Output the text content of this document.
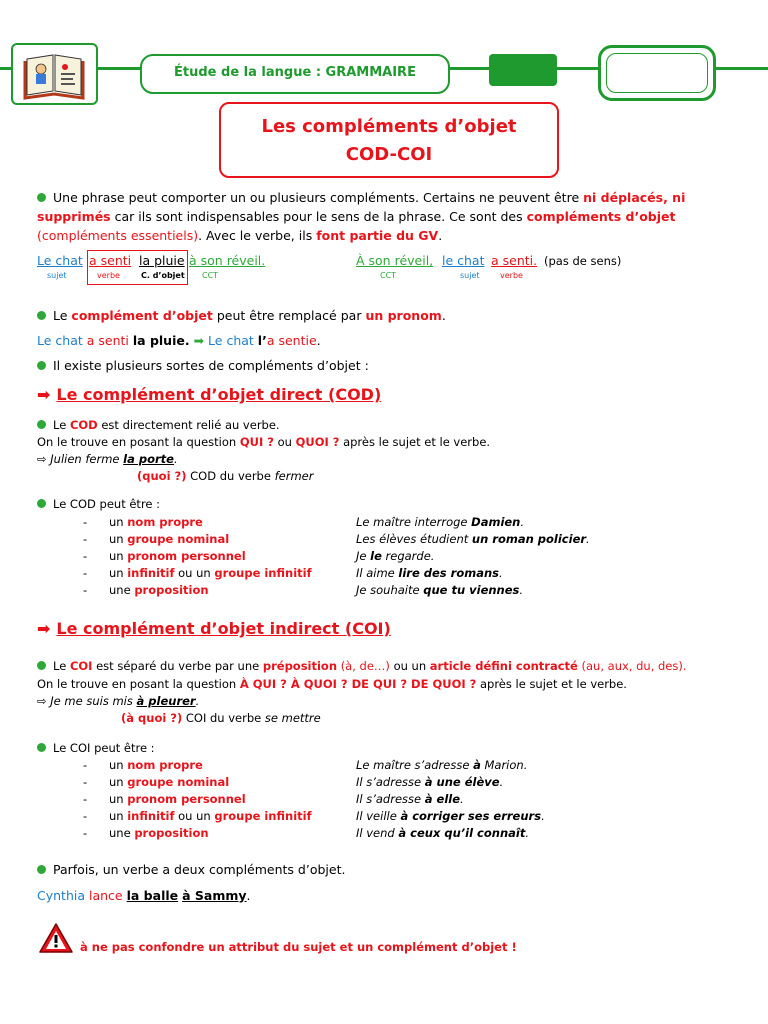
Étude de la langue : GRAMMAIRE
Les compléments d’objet
COD-COI
Une phrase peut comporter un ou plusieurs compléments. Certains ne peuvent être ni déplacés, ni
supprimés car ils sont indispensables pour le sens de la phrase. Ce sont des compléments d’objet
(compléments essentiels). Avec le verbe, ils font partie du GV.
Le chat a senti la pluie à son réveil.
sujet	verbe	C. d’objet CCT
À son réveil, le chat a senti. (pas de sens)
CCT	sujet	verbe
Le complément d’objet peut être remplacé par un pronom.
Le chat a senti la pluie. ➡ Le chat l’a sentie.
Il existe plusieurs sortes de compléments d’objet :
➡ Le complément d’objet direct (COD)
Le COD est directement relié au verbe.
On le trouve en posant la question QUI ? ou QUOI ? après le sujet et le verbe.
⇨ Julien ferme la porte.
(quoi ?) COD du verbe fermer
Le COD peut être :
- un nom propre	Le maître interroge Damien.
- un groupe nominal	Les élèves étudient un roman policier.
- un pronom personnel	Je le regarde.
- un infinitif ou un groupe infinitif	Il aime lire des romans.
- une proposition	Je souhaite que tu viennes.
➡ Le complément d’objet indirect (COI)
Le COI est séparé du verbe par une préposition (à, de…) ou un article défini contracté (au, aux, du, des).
On le trouve en posant la question À QUI ? À QUOI ? DE QUI ? DE QUOI ? après le sujet et le verbe.
⇨ Je me suis mis à pleurer.
(à quoi ?) COI du verbe se mettre
Le COI peut être :
- un nom propre	Le maître s’adresse à Marion.
- un groupe nominal	Il s’adresse à une élève.
- un pronom personnel	Il s’adresse à elle.
- un infinitif ou un groupe infinitif	Il veille à corriger ses erreurs.
- une proposition	Il vend à ceux qu’il connaît.
Parfois, un verbe a deux compléments d’objet.
Cynthia lance la balle à Sammy.
à ne pas confondre un attribut du sujet et un complément d’objet !
